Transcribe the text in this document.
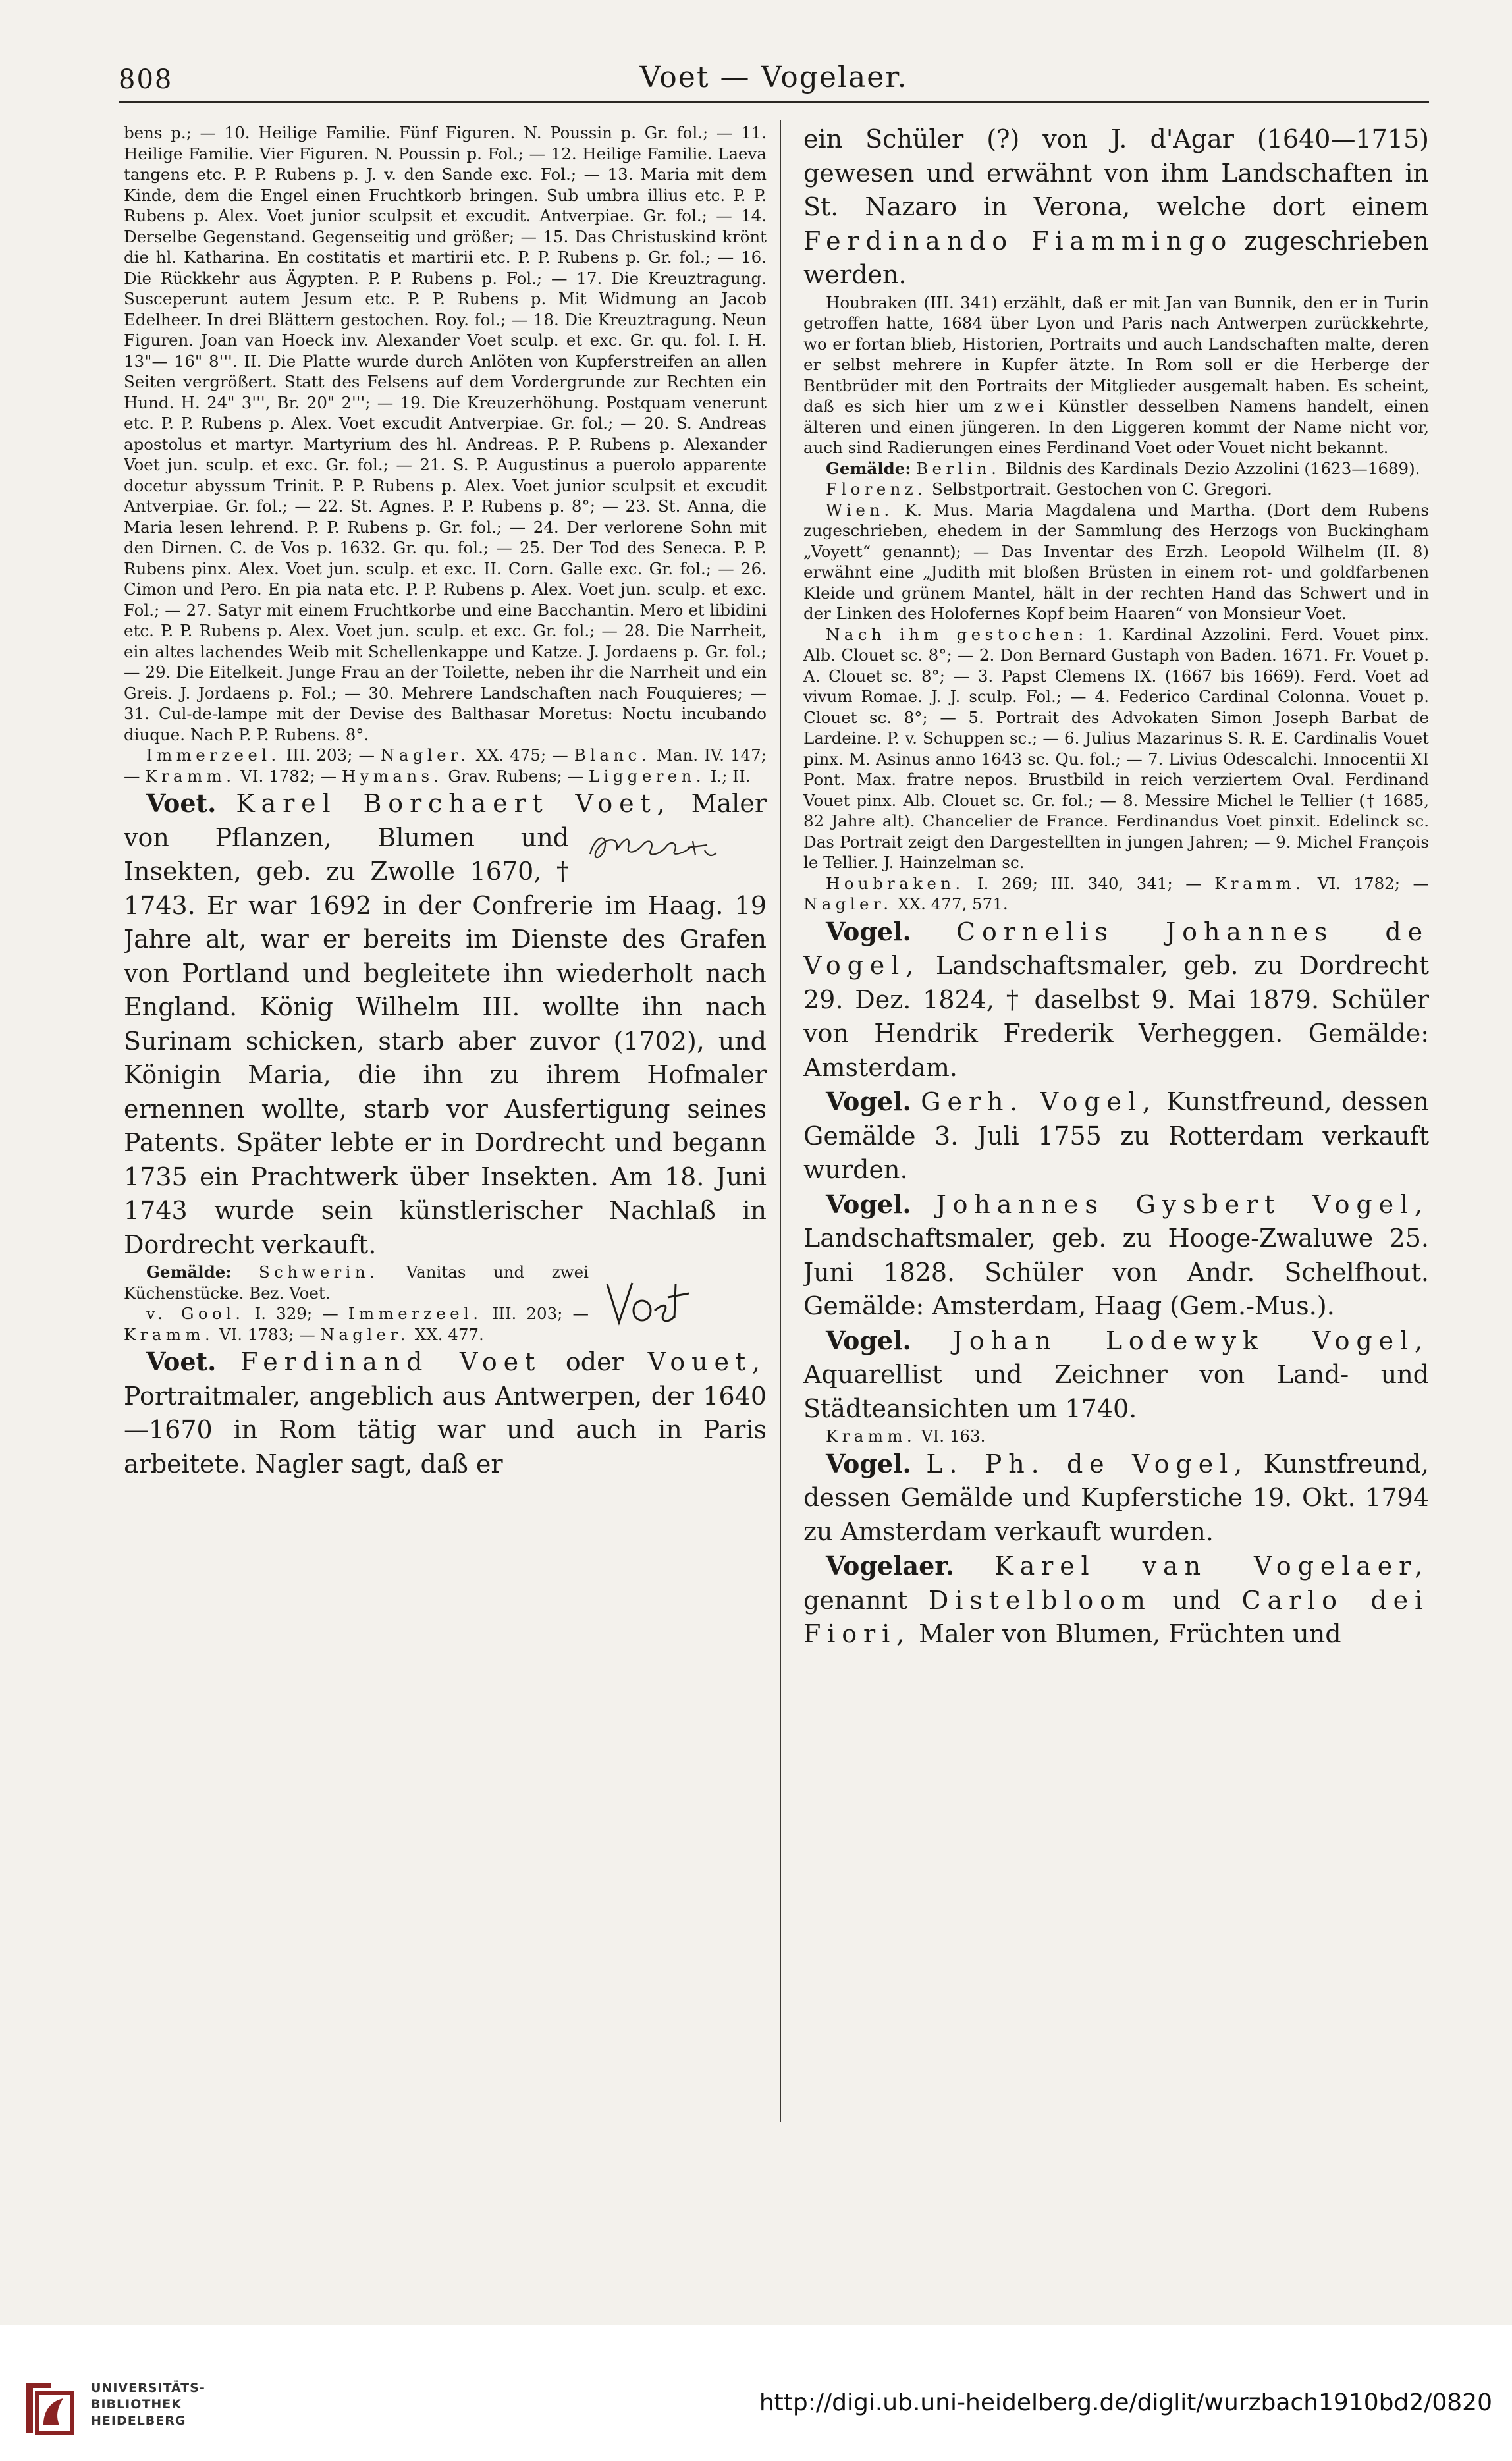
808	Voet — Vogelaer.

bens p.; — 10. Heilige Familie. Fünf Figuren. N. Poussin p. Gr. fol.; — 11. Heilige Familie. Vier Figuren. N. Poussin p. Fol.; — 12. Heilige Familie. Laeva tangens etc. P. P. Rubens p. J. v. den Sande exc. Fol.; — 13. Maria mit dem Kinde, dem die Engel einen Fruchtkorb bringen. Sub umbra illius etc. P. P. Rubens p. Alex. Voet junior sculpsit et excudit. Antverpiae. Gr. fol.; — 14. Derselbe Gegenstand. Gegenseitig und größer; — 15. Das Christuskind krönt die hl. Katharina. En costitatis et martirii etc. P. P. Rubens p. Gr. fol.; — 16. Die Rückkehr aus Ägypten. P. P. Rubens p. Fol.; — 17. Die Kreuztragung. Susceperunt autem Jesum etc. P. P. Rubens p. Mit Widmung an Jacob Edelheer. In drei Blättern gestochen. Roy. fol.; — 18. Die Kreuztragung. Neun Figuren. Joan van Hoeck inv. Alexander Voet sculp. et exc. Gr. qu. fol. I. H. 13"— 16" 8'''. II. Die Platte wurde durch Anlöten von Kupferstreifen an allen Seiten vergrößert. Statt des Felsens auf dem Vordergrunde zur Rechten ein Hund. H. 24" 3''', Br. 20" 2'''; — 19. Die Kreuzerhöhung. Postquam venerunt etc. P. P. Rubens p. Alex. Voet excudit Antverpiae. Gr. fol.; — 20. S. Andreas apostolus et martyr. Martyrium des hl. Andreas. P. P. Rubens p. Alexander Voet jun. sculp. et exc. Gr. fol.; — 21. S. P. Augustinus a puerolo apparente docetur abyssum Trinit. P. P. Rubens p. Alex. Voet junior sculpsit et excudit Antverpiae. Gr. fol.; — 22. St. Agnes. P. P. Rubens p. 8°; — 23. St. Anna, die Maria lesen lehrend. P. P. Rubens p. Gr. fol.; — 24. Der verlorene Sohn mit den Dirnen. C. de Vos p. 1632. Gr. qu. fol.; — 25. Der Tod des Seneca. P. P. Rubens pinx. Alex. Voet jun. sculp. et exc. II. Corn. Galle exc. Gr. fol.; — 26. Cimon und Pero. En pia nata etc. P. P. Rubens p. Alex. Voet jun. sculp. et exc. Fol.; — 27. Satyr mit einem Fruchtkorbe und eine Bacchantin. Mero et libidini etc. P. P. Rubens p. Alex. Voet jun. sculp. et exc. Gr. fol.; — 28. Die Narrheit, ein altes lachendes Weib mit Schellenkappe und Katze. J. Jordaens p. Gr. fol.; — 29. Die Eitelkeit. Junge Frau an der Toilette, neben ihr die Narrheit und ein Greis. J. Jordaens p. Fol.; — 30. Mehrere Landschaften nach Fouquieres; — 31. Cul-de-lampe mit der Devise des Balthasar Moretus: Noctu incubando diuque. Nach P. P. Rubens. 8°.

Immerzeel. III. 203; — Nagler. XX. 475; — Blanc. Man. IV. 147; — Kramm. VI. 1782; — Hymans. Grav. Rubens; — Liggeren. I.; II.

Voet. Karel Borchaert Voet,
Maler von Pflanzen, Blumen und Insekten, geb. zu Zwolle 1670, † 1743. Er war 1692 in der Confrerie im Haag. 19 Jahre alt, war er bereits im Dienste des Grafen von Portland und begleitete ihn wiederholt nach England. König Wilhelm III. wollte ihn nach Surinam schicken, starb aber zuvor (1702), und Königin Maria, die ihn zu ihrem Hofmaler ernennen wollte, starb vor Ausfertigung seines Patents. Später lebte er in Dordrecht und begann 1735 ein Prachtwerk über Insekten. Am 18. Juni 1743 wurde sein künstlerischer Nachlaß in Dordrecht verkauft.

Gemälde: Schwerin. Vanitas und zwei Küchenstücke. Bez. Voet.

v. Gool. I. 329; — Immerzeel. III. 203; — Kramm. VI. 1783; — Nagler. XX. 477.

Voet. Ferdinand Voet oder Vouet, Portraitmaler, angeblich aus Antwerpen, der 1640—1670 in Rom tätig war und auch in Paris arbeitete. Nagler sagt, daß er

ein Schüler (?) von J. d'Agar (1640—1715) gewesen und erwähnt von ihm Landschaften in St. Nazaro in Verona, welche dort einem Ferdinando Fiammingo zugeschrieben werden.

Houbraken (III. 341) erzählt, daß er mit Jan van Bunnik, den er in Turin getroffen hatte, 1684 über Lyon und Paris nach Antwerpen zurückkehrte, wo er fortan blieb, Historien, Portraits und auch Landschaften malte, deren er selbst mehrere in Kupfer ätzte. In Rom soll er die Herberge der Bentbrüder mit den Portraits der Mitglieder ausgemalt haben. Es scheint, daß es sich hier um zwei Künstler desselben Namens handelt, einen älteren und einen jüngeren. In den Liggeren kommt der Name nicht vor, auch sind Radierungen eines Ferdinand Voet oder Vouet nicht bekannt.

Gemälde: Berlin. Bildnis des Kardinals Dezio Azzolini (1623—1689).

Florenz. Selbstportrait. Gestochen von C. Gregori.

Wien. K. Mus. Maria Magdalena und Martha. (Dort dem Rubens zugeschrieben, ehedem in der Sammlung des Herzogs von Buckingham „Voyett“ genannt); — Das Inventar des Erzh. Leopold Wilhelm (II. 8) erwähnt eine „Judith mit bloßen Brüsten in einem rot- und goldfarbenen Kleide und grünem Mantel, hält in der rechten Hand das Schwert und in der Linken des Holofernes Kopf beim Haaren“ von Monsieur Voet.

Nach ihm gestochen: 1. Kardinal Azzolini. Ferd. Vouet pinx. Alb. Clouet sc. 8°; — 2. Don Bernard Gustaph von Baden. 1671. Fr. Vouet p. A. Clouet sc. 8°; — 3. Papst Clemens IX. (1667 bis 1669). Ferd. Voet ad vivum Romae. J. J. sculp. Fol.; — 4. Federico Cardinal Colonna. Vouet p. Clouet sc. 8°; — 5. Portrait des Advokaten Simon Joseph Barbat de Lardeine. P. v. Schuppen sc.; — 6. Julius Mazarinus S. R. E. Cardinalis Vouet pinx. M. Asinus anno 1643 sc. Qu. fol.; — 7. Livius Odescalchi. Innocentii XI Pont. Max. fratre nepos. Brustbild in reich verziertem Oval. Ferdinand Vouet pinx. Alb. Clouet sc. Gr. fol.; — 8. Messire Michel le Tellier († 1685, 82 Jahre alt). Chancelier de France. Ferdinandus Voet pinxit. Edelinck sc. Das Portrait zeigt den Dargestellten in jungen Jahren; — 9. Michel François le Tellier. J. Hainzelman sc.

Houbraken. I. 269; III. 340, 341; — Kramm. VI. 1782; — Nagler. XX. 477, 571.

Vogel. Cornelis Johannes de Vogel, Landschaftsmaler, geb. zu Dordrecht 29. Dez. 1824, † daselbst 9. Mai 1879. Schüler von Hendrik Frederik Verheggen. Gemälde: Amsterdam.

Vogel. Gerh. Vogel, Kunstfreund, dessen Gemälde 3. Juli 1755 zu Rotterdam verkauft wurden.

Vogel. Johannes Gysbert Vogel, Landschaftsmaler, geb. zu Hooge-Zwaluwe 25. Juni 1828. Schüler von Andr. Schelfhout. Gemälde: Amsterdam, Haag (Gem.-Mus.).

Vogel. Johan Lodewyk Vogel, Aquarellist und Zeichner von Land- und Städteansichten um 1740.

Kramm. VI. 163.

Vogel. L. Ph. de Vogel, Kunstfreund, dessen Gemälde und Kupferstiche 19. Okt. 1794 zu Amsterdam verkauft wurden.

Vogelaer. Karel van Vogelaer, genannt Distelbloom und Carlo dei Fiori, Maler von Blumen, Früchten und

UNIVERSITÄTS-
BIBLIOTHEK
HEIDELBERG
http://digi.ub.uni-heidelberg.de/diglit/wurzbach1910bd2/0820
